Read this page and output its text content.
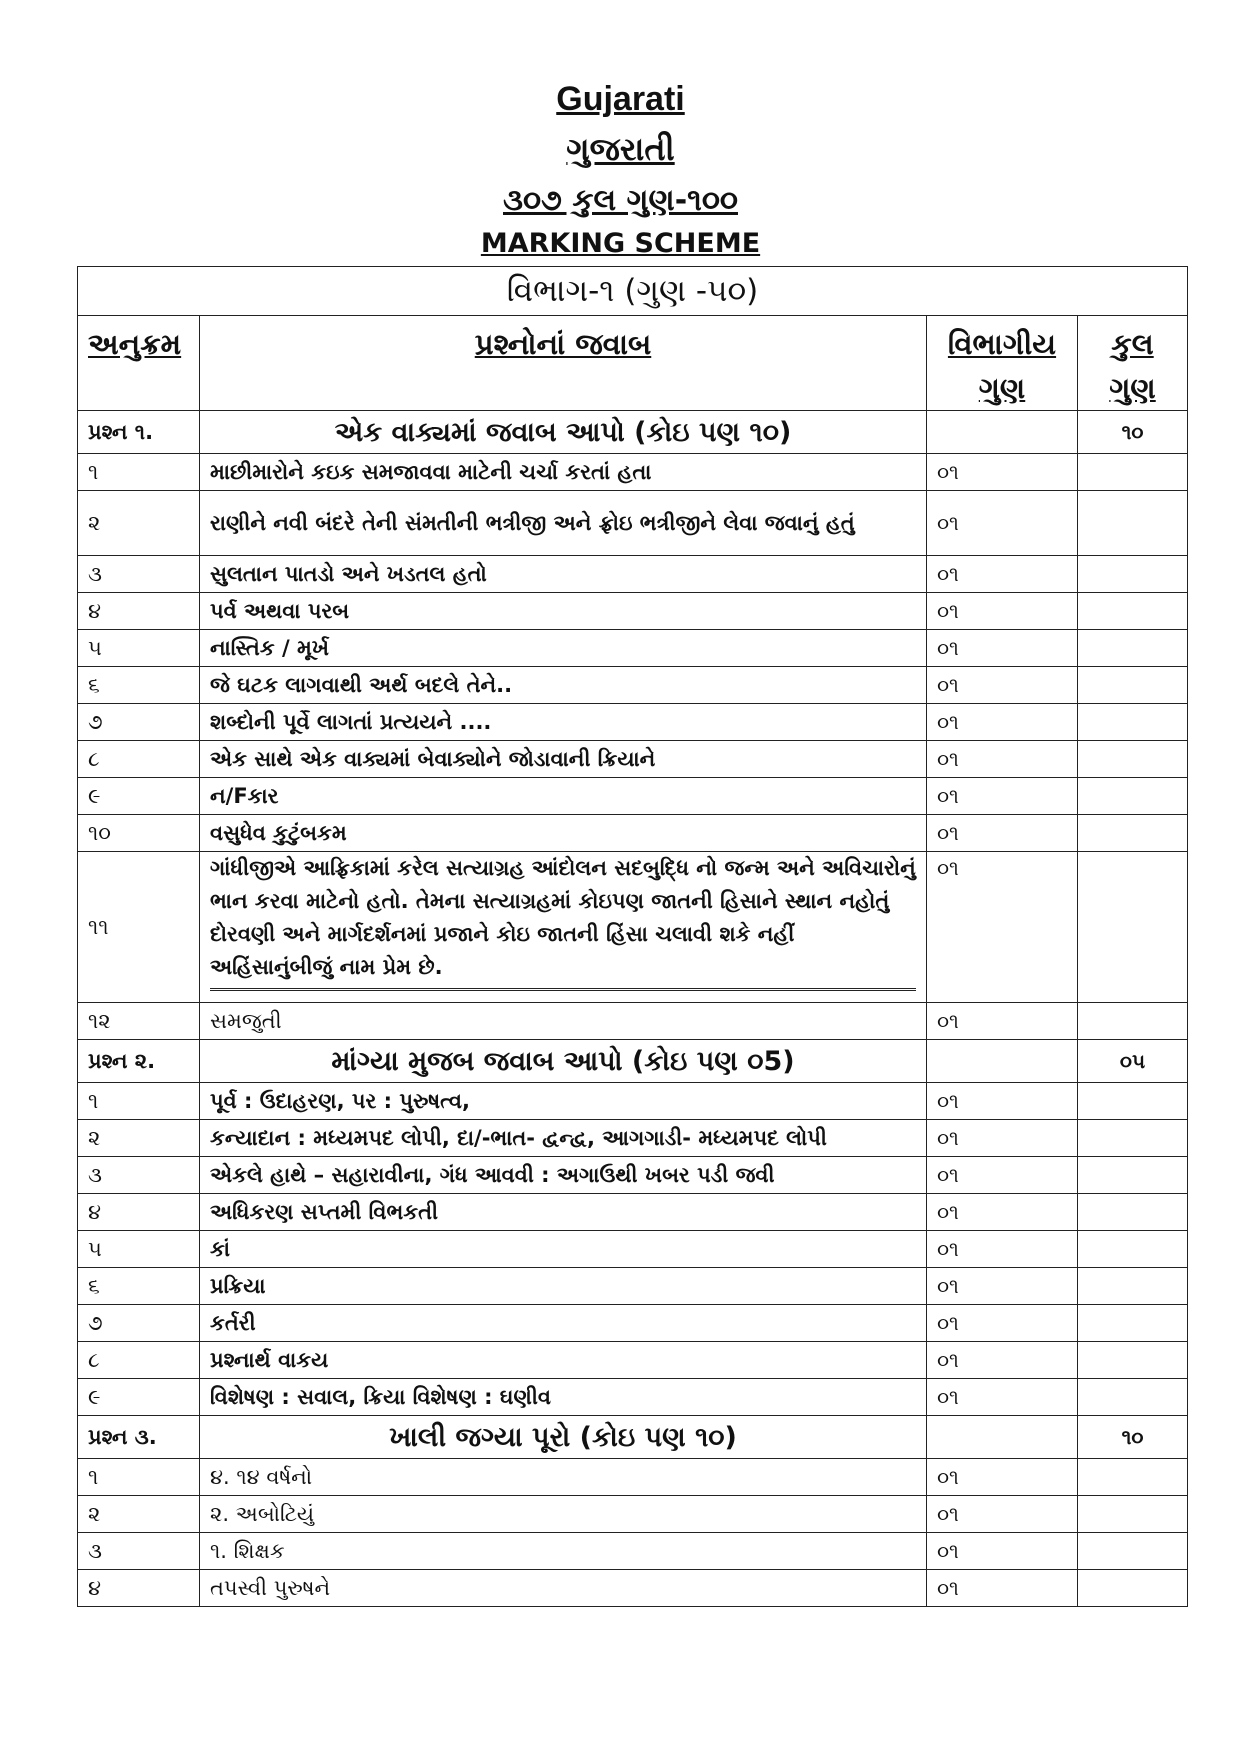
Gujarati
ગુજરાતી
૩૦૭ કુલ ગુણ-૧૦૦
MARKING SCHEME
વિભાગ-૧ (ગુણ -૫૦)			
અનુક્રમ	પ્રશ્નોનાં જવાબ	વિભાગીય ગુણ	કુલ ગુણ
પ્રશ્ન ૧.	એક વાક્યમાં જવાબ આપો (કોઇ પણ ૧૦)		૧૦
૧	માછીમારોને કઇક સમજાવવા માટેની ચર્ચા કરતાં હતા	૦૧	
૨	રાણીને નવી બંદરે તેની સંમતીની ભત્રીજી અને ફ્રોઇ ભત્રીજીને લેવા જવાનું હતું	૦૧	
૩	સુલતાન પાતડો અને ખડતલ હતો	૦૧	
૪	પર્વ અથવા પરબ	૦૧	
૫	નાસ્તિક / મૂર્ખ	૦૧	
૬	જે ઘટક લાગવાથી અર્થ બદલે તેને..	૦૧	
૭	શબ્દોની પૂર્વે લાગતાં પ્રત્યયને ....	૦૧	
૮	એક સાથે એક વાક્યમાં બેવાક્યોને જોડાવાની ક્રિયાને	૦૧	
૯	ન/Fકાર	૦૧	
૧૦	વસુધેવ કુટુંબકમ	૦૧	
૧૧	ગાંધીજીએ આફ્રિકામાં કરેલ સત્યાગ્રહ આંદોલન સદબુદ્ધિ નો જન્મ અને અવિચારોનું ભાન કરવા માટેનો હતો. તેમના સત્યાગ્રહમાં કોઇપણ જાતની હિસાને સ્થાન નહોતું દોરવણી અને માર્ગદર્શનમાં પ્રજાને કોઇ જાતની હિંસા ચલાવી શકે નહીં અહિંસાનુંબીજું નામ પ્રેમ છે.	૦૧	
૧૨	સમજુતી	૦૧	
પ્રશ્ન ૨.	માંગ્યા મુજબ જવાબ આપો (કોઇ પણ ૦5)		૦૫
૧	પૂર્વ : ઉદાહરણ, પર : પુરુષત્વ,	૦૧	
૨	કન્યાદાન : મધ્યમપદ લોપી, દા/-ભાત- દ્વન્દ્વ, આગગાડી- મધ્યમપદ લોપી	૦૧	
૩	એકલે હાથે – સહારાવીના, ગંધ આવવી : અગાઉથી ખબર પડી જવી	૦૧	
૪	અધિકરણ સપ્તમી વિભકતી	૦૧	
૫	કાં	૦૧	
૬	પ્રક્રિયા	૦૧	
૭	કર્તરી	૦૧	
૮	પ્રશ્નાર્થ વાકય	૦૧	
૯	વિશેષણ : સવાલ, ક્રિયા વિશેષણ : ઘણીવ	૦૧	
પ્રશ્ન ૩.	ખાલી જગ્યા પૂરો (કોઇ પણ ૧૦)		૧૦
૧	૪. ૧૪ વર્ષનો	૦૧	
૨	૨. અબોટિયું	૦૧	
૩	૧. શિક્ષક	૦૧	
૪	તપસ્વી પુરુષને	૦૧	
